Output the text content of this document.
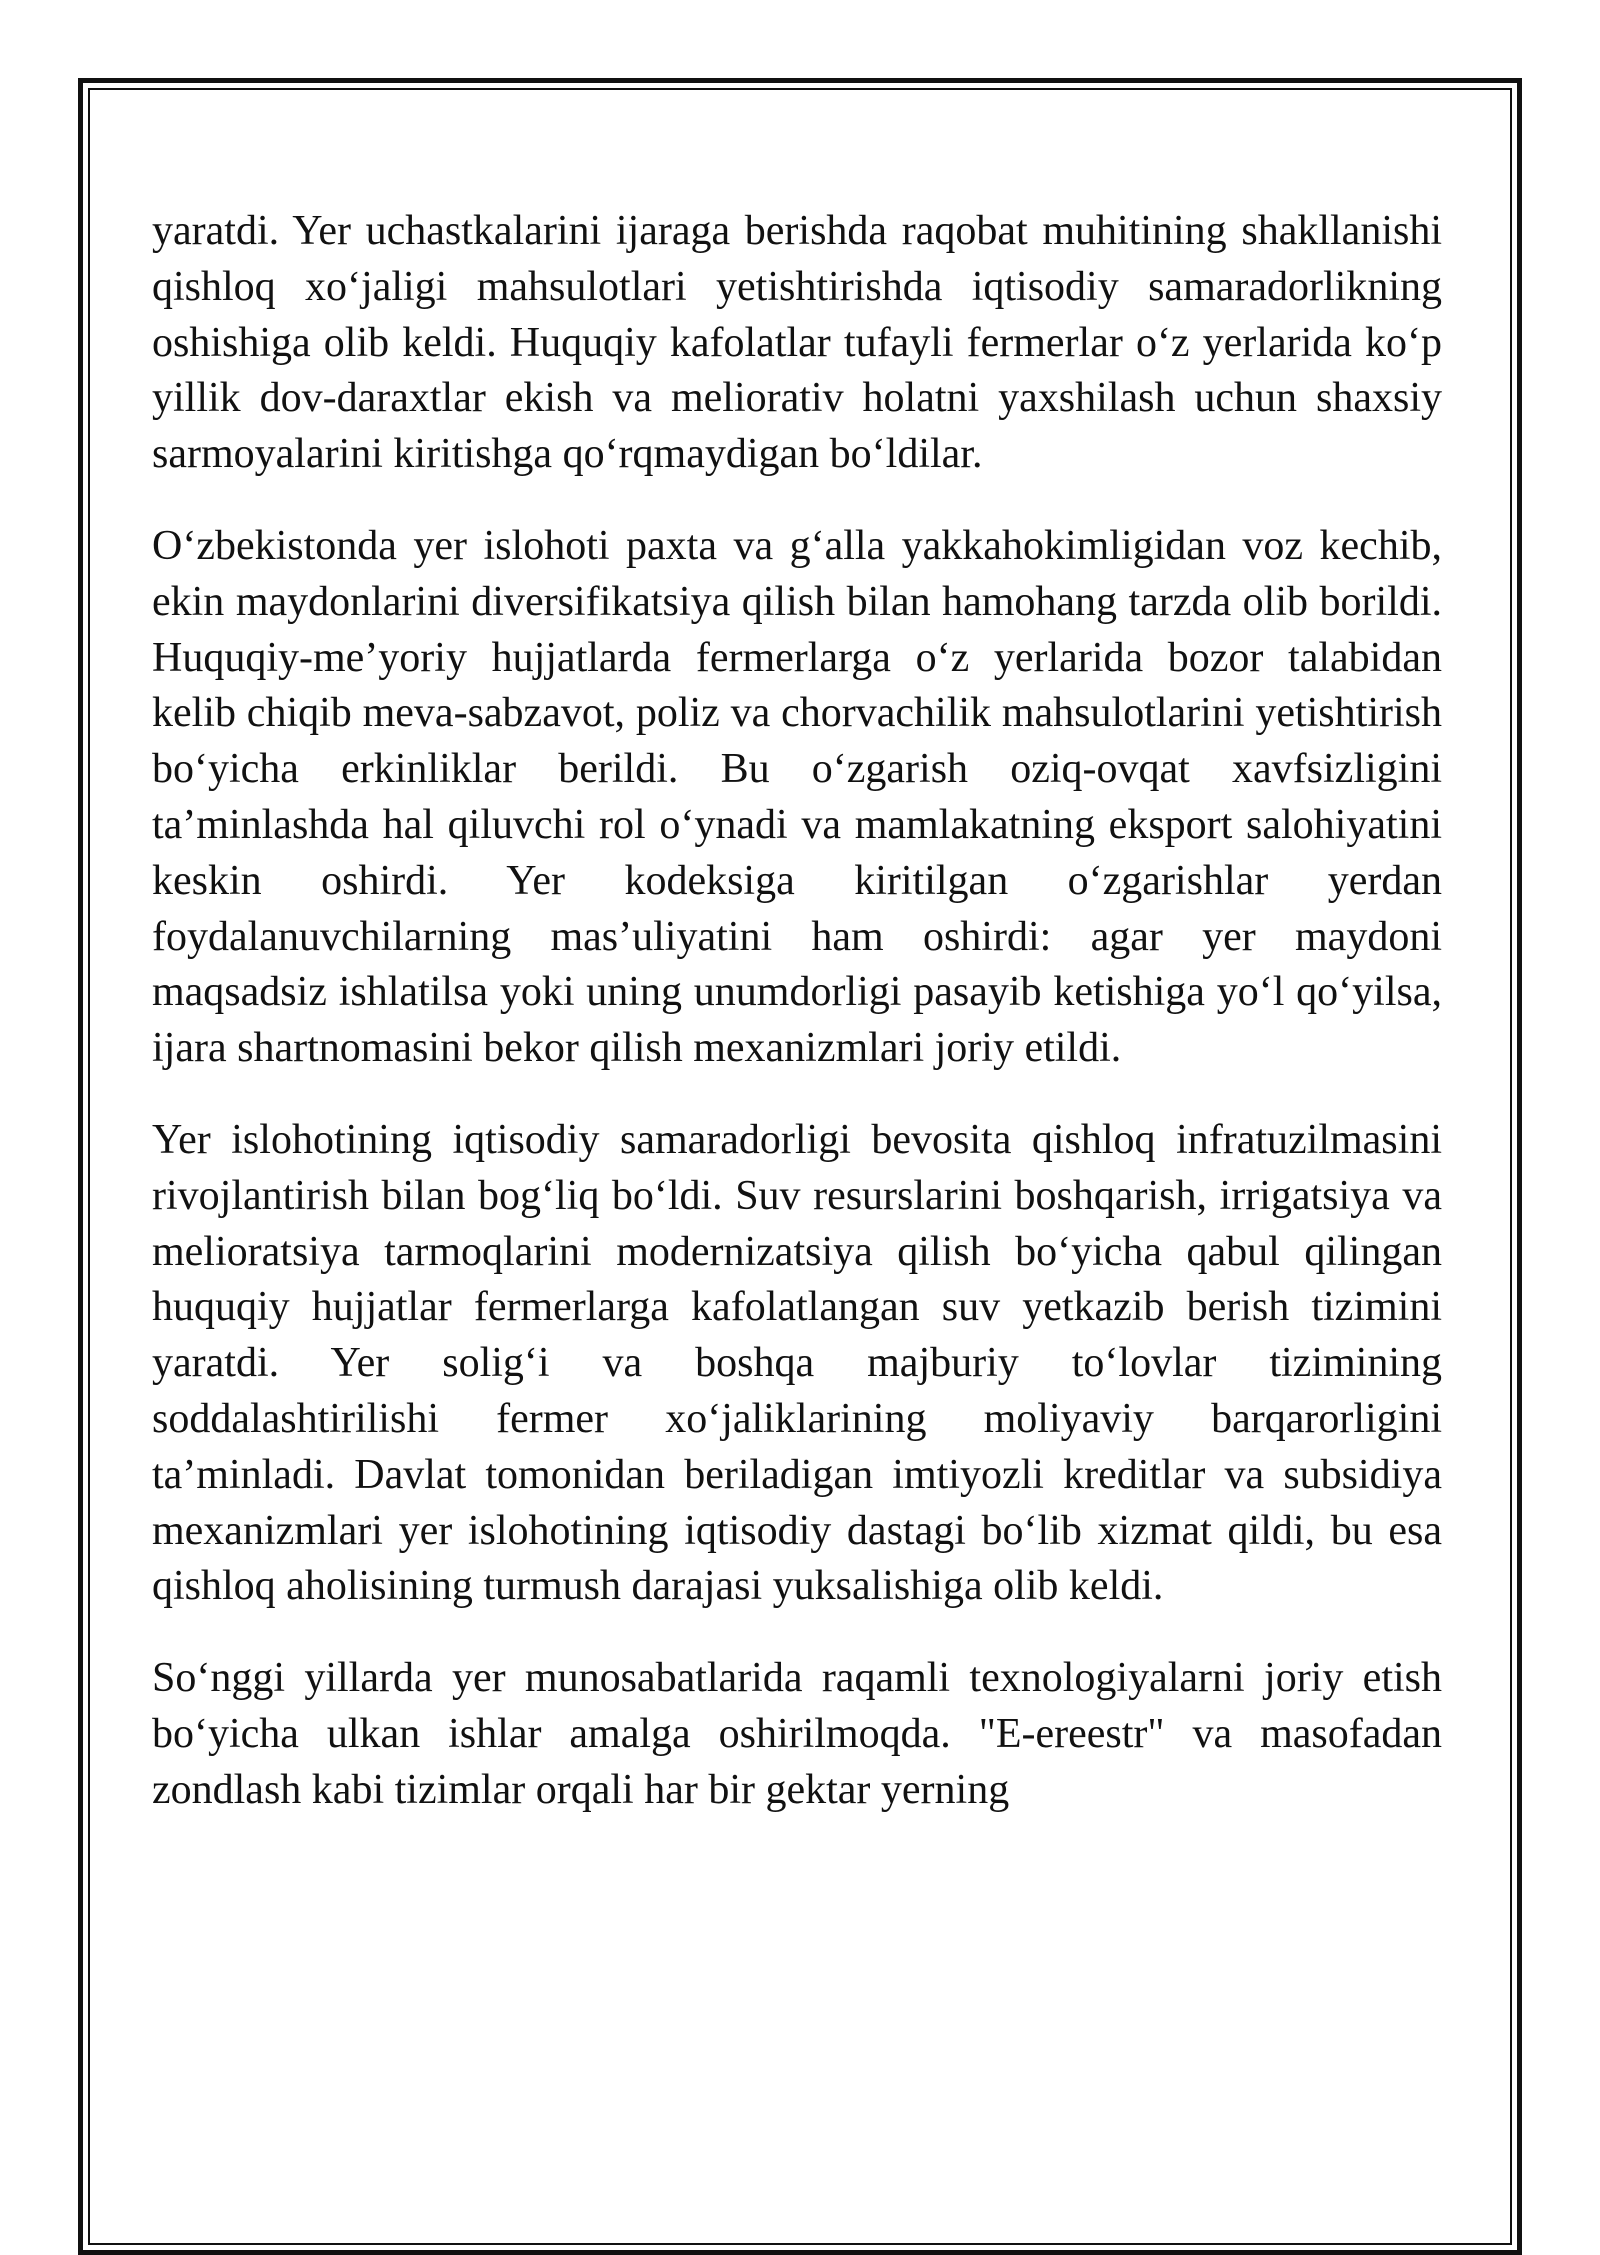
yaratdi. Yer uchastkalarini ijaraga berishda raqobat muhitining shakllanishi qishloq xo‘jaligi mahsulotlari yetishtirishda iqtisodiy samaradorlikning oshishiga olib keldi. Huquqiy kafolatlar tufayli fermerlar o‘z yerlarida ko‘p yillik dov-daraxtlar ekish va meliorativ holatni yaxshilash uchun shaxsiy sarmoyalarini kiritishga qo‘rqmaydigan bo‘ldilar.

O‘zbekistonda yer islohoti paxta va g‘alla yakkahokimligidan voz kechib, ekin maydonlarini diversifikatsiya qilish bilan hamohang tarzda olib borildi. Huquqiy-me’yoriy hujjatlarda fermerlarga o‘z yerlarida bozor talabidan kelib chiqib meva-sabzavot, poliz va chorvachilik mahsulotlarini yetishtirish bo‘yicha erkinliklar berildi. Bu o‘zgarish oziq-ovqat xavfsizligini ta’minlashda hal qiluvchi rol o‘ynadi va mamlakatning eksport salohiyatini keskin oshirdi. Yer kodeksiga kiritilgan o‘zgarishlar yerdan foydalanuvchilarning mas’uliyatini ham oshirdi: agar yer maydoni maqsadsiz ishlatilsa yoki uning unumdorligi pasayib ketishiga yo‘l qo‘yilsa, ijara shartnomasini bekor qilish mexanizmlari joriy etildi.

Yer islohotining iqtisodiy samaradorligi bevosita qishloq infratuzilmasini rivojlantirish bilan bog‘liq bo‘ldi. Suv resurslarini boshqarish, irrigatsiya va melioratsiya tarmoqlarini modernizatsiya qilish bo‘yicha qabul qilingan huquqiy hujjatlar fermerlarga kafolatlangan suv yetkazib berish tizimini yaratdi. Yer solig‘i va boshqa majburiy to‘lovlar tizimining soddalashtirilishi fermer xo‘jaliklarining moliyaviy barqarorligini ta’minladi. Davlat tomonidan beriladigan imtiyozli kreditlar va subsidiya mexanizmlari yer islohotining iqtisodiy dastagi bo‘lib xizmat qildi, bu esa qishloq aholisining turmush darajasi yuksalishiga olib keldi.

So‘nggi yillarda yer munosabatlarida raqamli texnologiyalarni joriy etish bo‘yicha ulkan ishlar amalga oshirilmoqda. "E-ereestr" va masofadan zondlash kabi tizimlar orqali har bir gektar yerning
